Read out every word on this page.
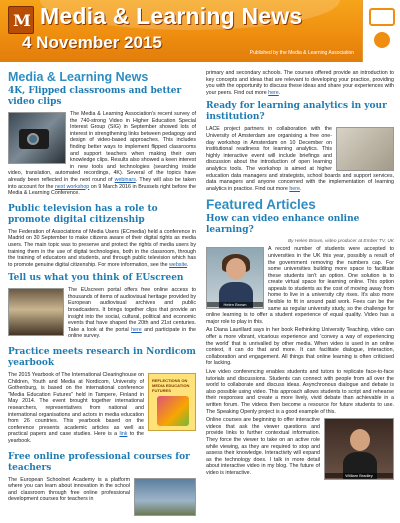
M Media & Learning News
4 November 2015
Published by the Media & Learning Association
Media & Learning News
4K, Flipped classrooms and better video clips

The Media & Learning Association's recent survey of the 740-strong Video in Higher Education Special Interest Group (SIG) in September showed lots of interest in strengthening links between pedagogy and design of video-based approaches. This includes finding better ways to implement flipped classrooms and support teachers when making their own knowledge clips. Results also showed a keen interest in new tools and technologies (searching inside video, translation, automated recordings, 4K). Several of the topics have already been reflected in the next round of webinars. They will also be taken into account for the next workshop on 9 March 2016 in Brussels right before the Media & Learning Conference.

Public television has a role to promote digital citizenship

The Federation of Associations of Media Users (ECmedia) held a conference in Madrid on 30 September to make citizens aware of their digital rights as media users. The main topic was to preserve and protect the rights of media users by training them in the use of digital technologies, both in the classroom, through the training of educators and students, and through public television which has to promote genuine digital citizenship. For more information, see the website.

Tell us what you think of EUscreen

The EUscreen portal offers free online access to thousands of items of audiovisual heritage provided by European audiovisual archives and public broadcasters. It brings together clips that provide an insight into the social, cultural, political and economic events that have shaped the 20th and 21st centuries. Take a look at the portal here and participate in the online survey.

Practice meets research in Nordicom yearbook
REFLECTIONS ON MEDIA EDUCATION FUTURES

The 2015 Yearbook of The International Clearinghouse on Children, Youth and Media at Nordicom, University of Gothenburg, is based on the international conference "Media Education Futures" held in Tampere, Finland in May 2014. The event brought together international researchers, representatives from national and international organisations and actors in media education from 26 countries. This yearbook based on the conference presents academic articles as well as practical papers and case studies. Here is a link to the yearbook.

Free online professional courses for teachers

The European Schoolnet Academy is a platform where you can learn about innovation in the school and classroom through free online professional development courses for teachers in

primary and secondary schools. The courses offered provide an introduction to key concepts and ideas that are relevant to developing your practice, providing you with the opportunity to discuss these ideas and share your experiences with your peers. Find out more here.

Ready for learning analytics in your institution?

LACE project partners in collaboration with the University of Amsterdam are organising a free one-day workshop in Amsterdam on 10 December on institutional readiness for learning analytics. This highly interactive event will include briefings and discussion about the introduction of open learning analytics tools. The workshop is aimed at higher education data managers and strategists, school boards and support services, data managers and anyone concerned with the implementation of learning analytics in practice. Find out more here.

Featured Articles
How can video enhance online learning?
By Helen Brown, video producer at Ember TV, UK
Helen Brown

A record number of students were accepted to universities in the UK this year, possibly a result of the government removing the numbers cap. For some universities building more space to facilitate these students isn't an option. One solution is to create virtual space for learning online. This option appeals to students as the cost of moving away from home to live in a university city rises. It's also more flexible to fit in around paid work. Fees can be the same as regular university study, so the challenge for online learning is to offer a student experience of equal quality. Video has a major role to play in this.

As Diana Laurillard says in her book Rethinking University Teaching, video can offer a more vibrant, vicarious experience and 'convey a way of experiencing the world' that is unrivalled by other media. When video is used in an online context, it can do that and more. It can facilitate dialogue, interaction, collaboration and engagement. All things that online learning is often criticised for lacking.

Live video conferencing enables students and tutors to replicate face-to-face tutorials and discussions. Students can connect with people from all over the world to collaborate and discuss ideas. Asynchronous dialogue and debate is also possible using video. This approach allows students to script and rehearse their responses and create a more lively, vivid debate than achievable in a written forum. The videos then become a resource for future students to use. The Speaking Openly project is a good example of this.

William Bradley

Online courses are beginning to offer interactive videos that ask the viewer questions and provide links to further contextual information. They force the viewer to take on an active role while viewing, as they are required to stop and assess their knowledge. Interactivity will expand as the technology does. I talk in more detail about interactive video in my blog. The future of video is interactive.
